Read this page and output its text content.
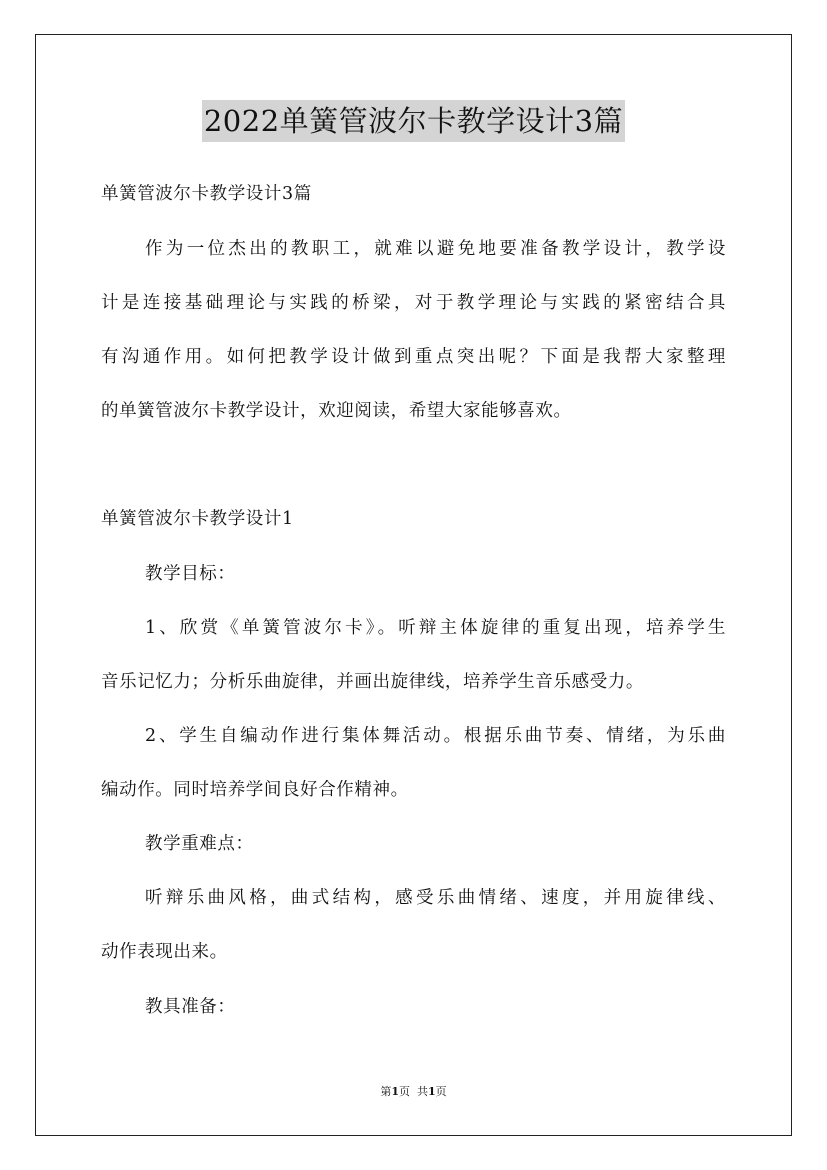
2022单簧管波尔卡教学设计3篇
单簧管波尔卡教学设计3篇
作为一位杰出的教职工，就难以避免地要准备教学设计，教学设
计是连接基础理论与实践的桥梁，对于教学理论与实践的紧密结合具
有沟通作用。如何把教学设计做到重点突出呢？下面是我帮大家整理
的单簧管波尔卡教学设计，欢迎阅读，希望大家能够喜欢。
单簧管波尔卡教学设计1
教学目标：
1、欣赏《单簧管波尔卡》。听辩主体旋律的重复出现，培养学生
音乐记忆力；分析乐曲旋律，并画出旋律线，培养学生音乐感受力。
2、学生自编动作进行集体舞活动。根据乐曲节奏、情绪，为乐曲
编动作。同时培养学间良好合作精神。
教学重难点：
听辩乐曲风格，曲式结构，感受乐曲情绪、速度，并用旋律线、
动作表现出来。
教具准备：
第1页  共1页
